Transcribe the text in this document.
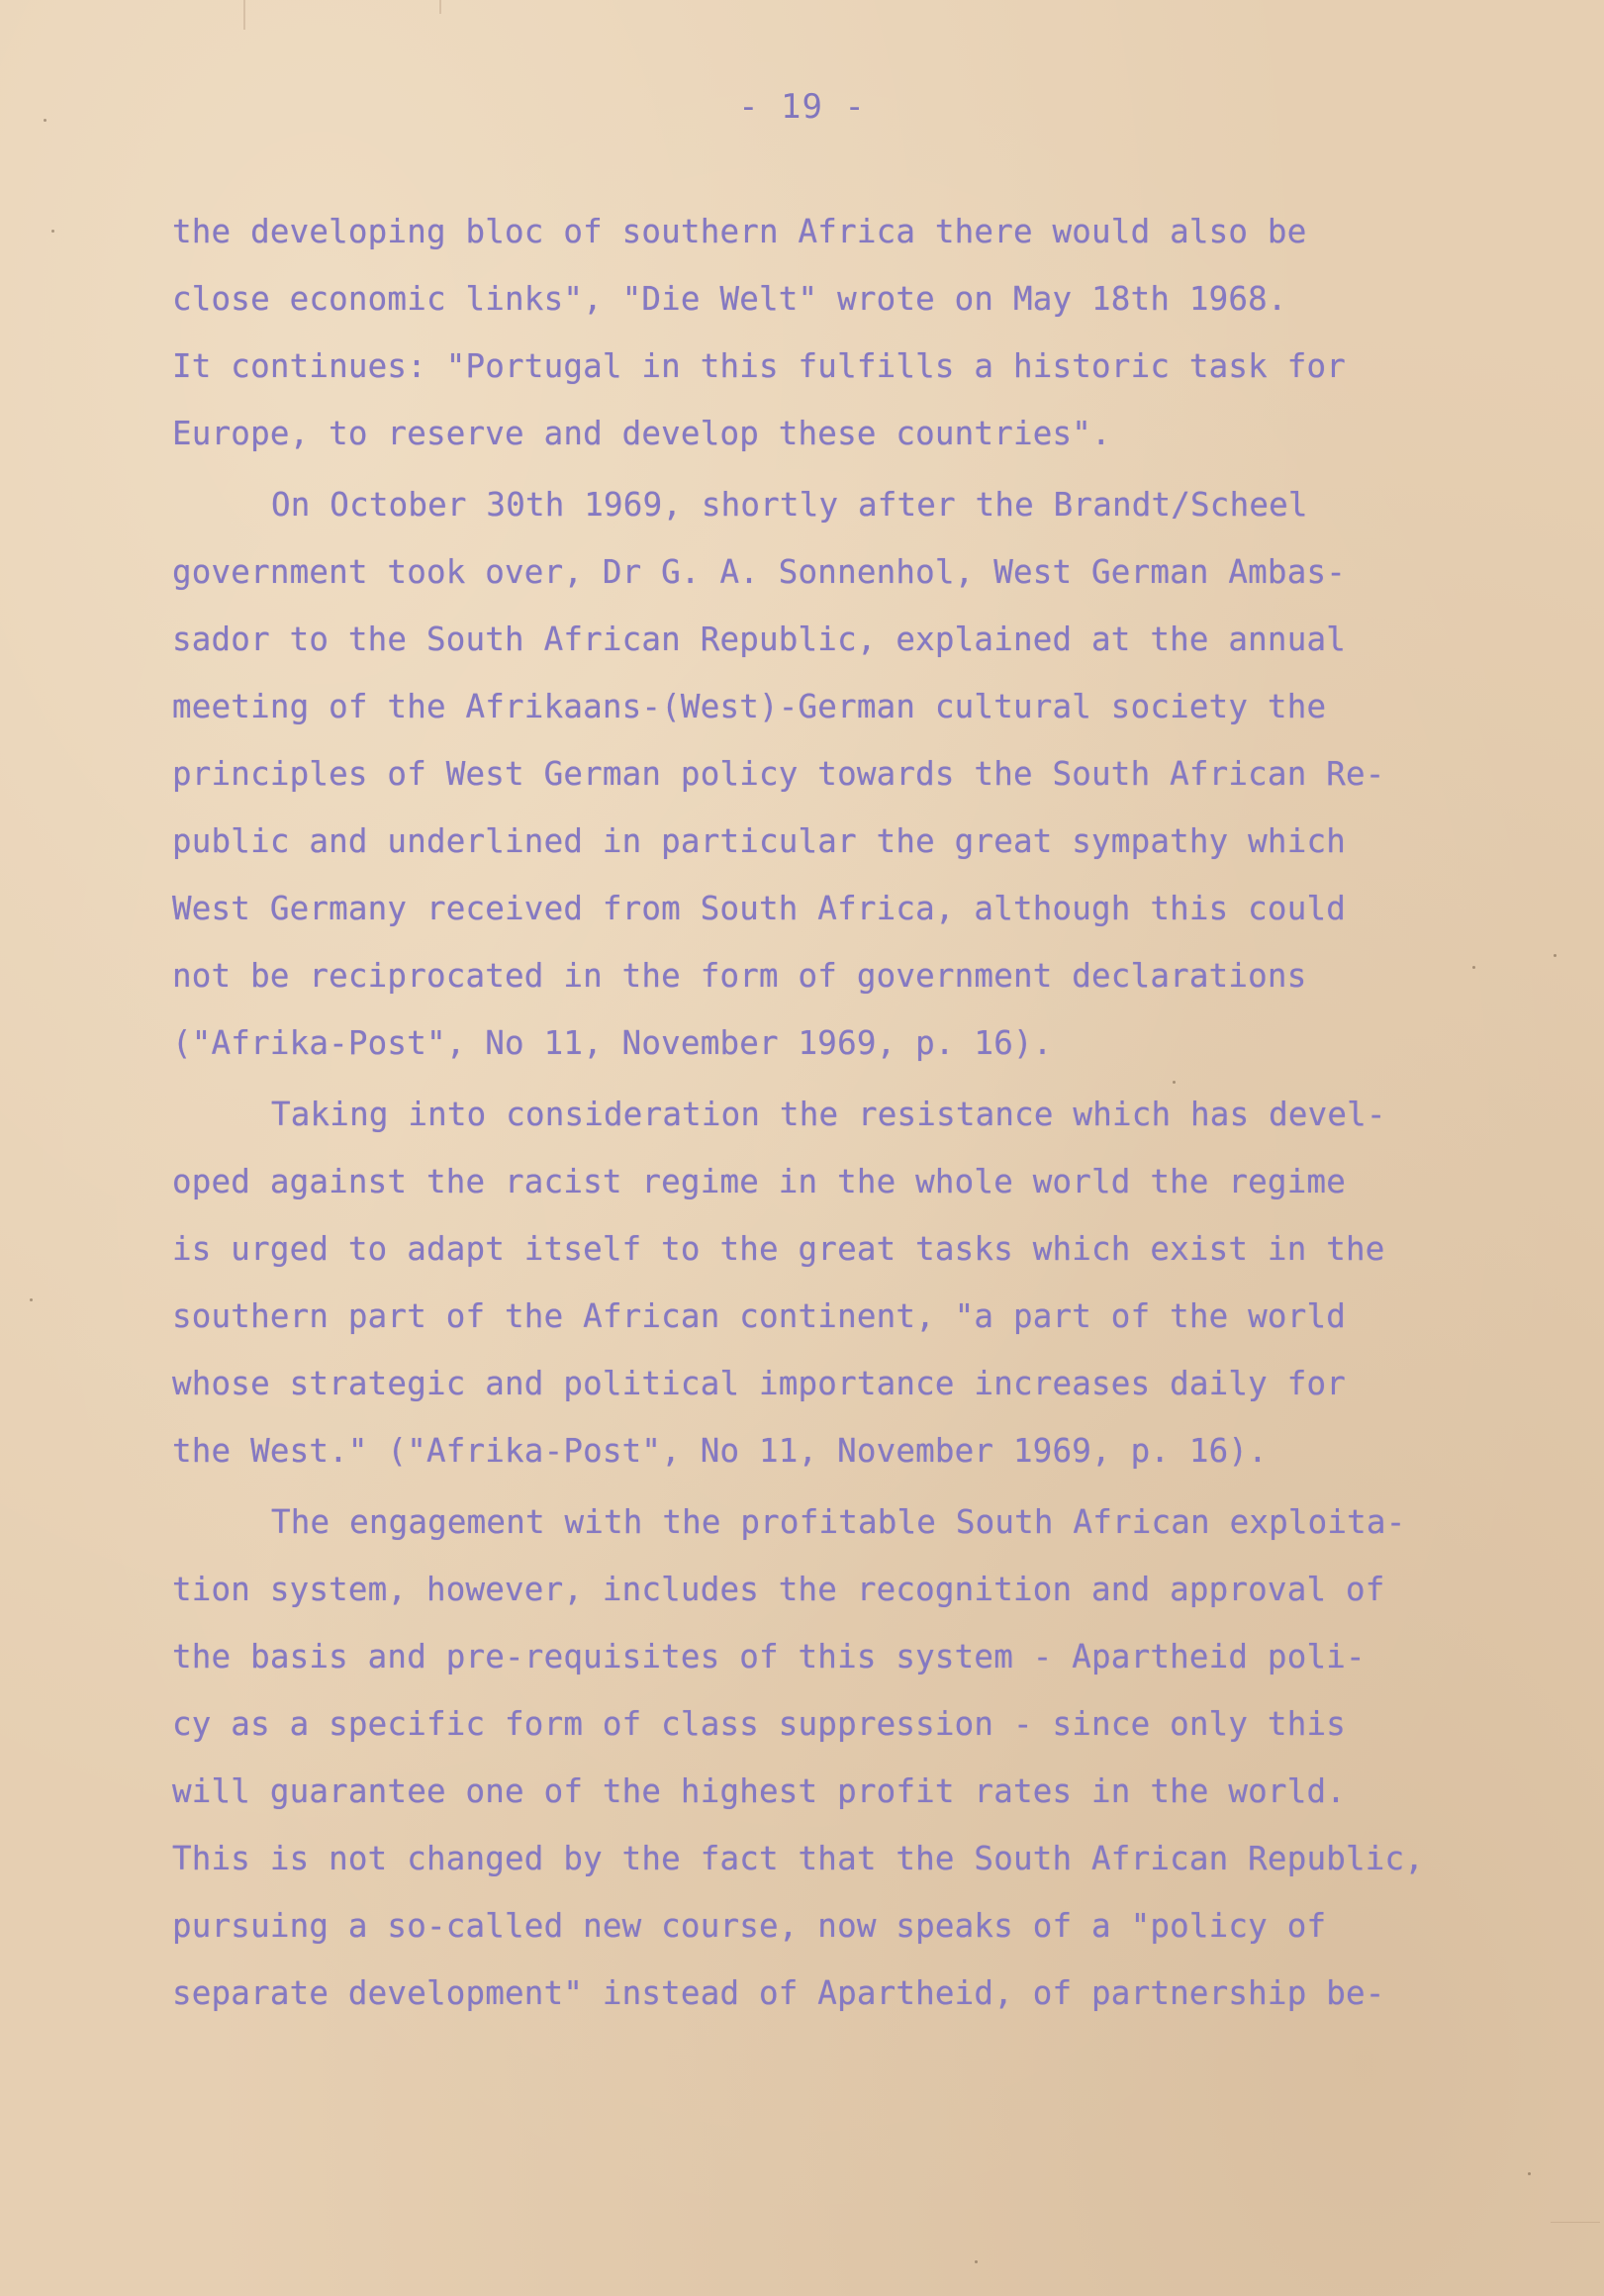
- 19 -
the developing bloc of southern Africa there would also be
close economic links", "Die Welt" wrote on May 18th 1968.
It continues: "Portugal in this fulfills a historic task for
Europe, to reserve and develop these countries".
On October 30th 1969, shortly after the Brandt/Scheel
government took over, Dr G. A. Sonnenhol, West German Ambas-
sador to the South African Republic, explained at the annual
meeting of the Afrikaans-(West)-German cultural society the
principles of West German policy towards the South African Re-
public and underlined in particular the great sympathy which
West Germany received from South Africa, although this could
not be reciprocated in the form of government declarations
("Afrika-Post", No 11, November 1969, p. 16).
Taking into consideration the resistance which has devel-
oped against the racist regime in the whole world the regime
is urged to adapt itself to the great tasks which exist in the
southern part of the African continent, "a part of the world
whose strategic and political importance increases daily for
the West." ("Afrika-Post", No 11, November 1969, p. 16).
The engagement with the profitable South African exploita-
tion system, however, includes the recognition and approval of
the basis and pre-requisites of this system - Apartheid poli-
cy as a specific form of class suppression - since only this
will guarantee one of the highest profit rates in the world.
This is not changed by the fact that the South African Republic,
pursuing a so-called new course, now speaks of a "policy of
separate development" instead of Apartheid, of partnership be-
